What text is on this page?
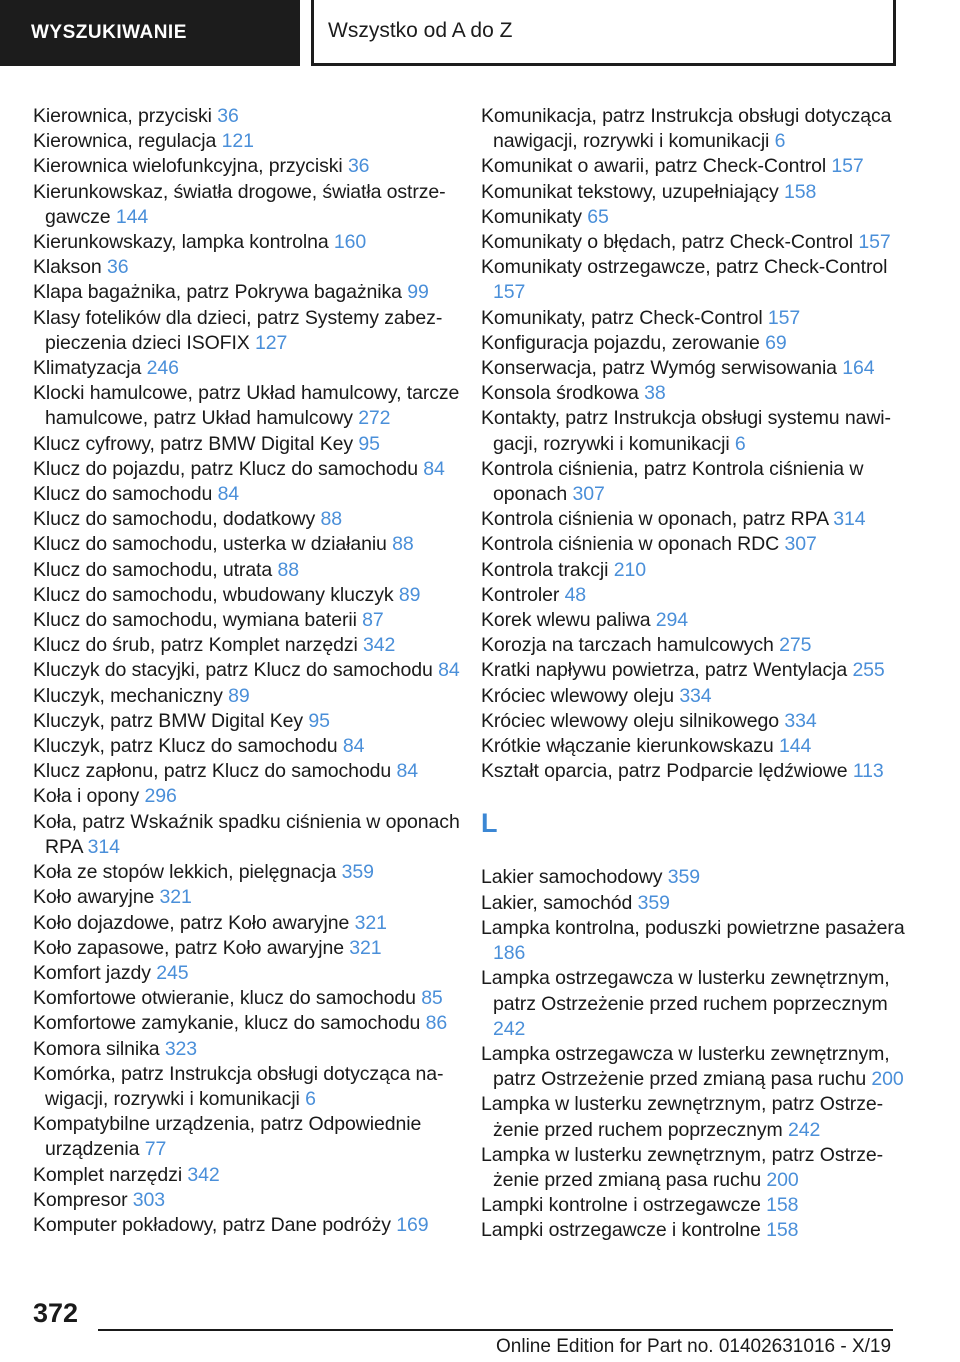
WYSZUKIWANIE	Wszystko od A do Z
Kierownica, przyciski 36
Kierownica, regulacja 121
Kierownica wielofunkcyjna, przyciski 36
Kierunkowskaz, światła drogowe, światła ostrzegawcze 144
Kierunkowskazy, lampka kontrolna 160
Klakson 36
Klapa bagażnika, patrz Pokrywa bagażnika 99
Klasy fotelików dla dzieci, patrz Systemy zabezpieczenia dzieci ISOFIX 127
Klimatyzacja 246
Klocki hamulcowe, patrz Układ hamulcowy, tarcze hamulcowe, patrz Układ hamulcowy 272
Klucz cyfrowy, patrz BMW Digital Key 95
Klucz do pojazdu, patrz Klucz do samochodu 84
Klucz do samochodu 84
Klucz do samochodu, dodatkowy 88
Klucz do samochodu, usterka w działaniu 88
Klucz do samochodu, utrata 88
Klucz do samochodu, wbudowany kluczyk 89
Klucz do samochodu, wymiana baterii 87
Klucz do śrub, patrz Komplet narzędzi 342
Kluczyk do stacyjki, patrz Klucz do samochodu 84
Kluczyk, mechaniczny 89
Kluczyk, patrz BMW Digital Key 95
Kluczyk, patrz Klucz do samochodu 84
Klucz zapłonu, patrz Klucz do samochodu 84
Koła i opony 296
Koła, patrz Wskaźnik spadku ciśnienia w oponach RPA 314
Koła ze stopów lekkich, pielęgnacja 359
Koło awaryjne 321
Koło dojazdowe, patrz Koło awaryjne 321
Koło zapasowe, patrz Koło awaryjne 321
Komfort jazdy 245
Komfortowe otwieranie, klucz do samochodu 85
Komfortowe zamykanie, klucz do samochodu 86
Komora silnika 323
Komórka, patrz Instrukcja obsługi dotycząca nawigacji, rozrywki i komunikacji 6
Kompatybilne urządzenia, patrz Odpowiednie urządzenia 77
Komplet narzędzi 342
Kompresor 303
Komputer pokładowy, patrz Dane podróży 169
Komunikacja, patrz Instrukcja obsługi dotycząca nawigacji, rozrywki i komunikacji 6
Komunikat o awarii, patrz Check-Control 157
Komunikat tekstowy, uzupełniający 158
Komunikaty 65
Komunikaty o błędach, patrz Check-Control 157
Komunikaty ostrzegawcze, patrz Check-Control 157
Komunikaty, patrz Check-Control 157
Konfiguracja pojazdu, zerowanie 69
Konserwacja, patrz Wymóg serwisowania 164
Konsola środkowa 38
Kontakty, patrz Instrukcja obsługi systemu nawigacji, rozrywki i komunikacji 6
Kontrola ciśnienia, patrz Kontrola ciśnienia w oponach 307
Kontrola ciśnienia w oponach, patrz RPA 314
Kontrola ciśnienia w oponach RDC 307
Kontrola trakcji 210
Kontroler 48
Korek wlewu paliwa 294
Korozja na tarczach hamulcowych 275
Kratki napływu powietrza, patrz Wentylacja 255
Króciec wlewowy oleju 334
Króciec wlewowy oleju silnikowego 334
Krótkie włączanie kierunkowskazu 144
Kształt oparcia, patrz Podparcie lędźwiowe 113
L
Lakier samochodowy 359
Lakier, samochód 359
Lampka kontrolna, poduszki powietrzne pasażera 186
Lampka ostrzegawcza w lusterku zewnętrznym, patrz Ostrzeżenie przed ruchem poprzecznym 242
Lampka ostrzegawcza w lusterku zewnętrznym, patrz Ostrzeżenie przed zmianą pasa ruchu 200
Lampka w lusterku zewnętrznym, patrz Ostrzeżenie przed ruchem poprzecznym 242
Lampka w lusterku zewnętrznym, patrz Ostrzeżenie przed zmianą pasa ruchu 200
Lampki kontrolne i ostrzegawcze 158
Lampki ostrzegawcze i kontrolne 158
372
Online Edition for Part no. 01402631016 - X/19
